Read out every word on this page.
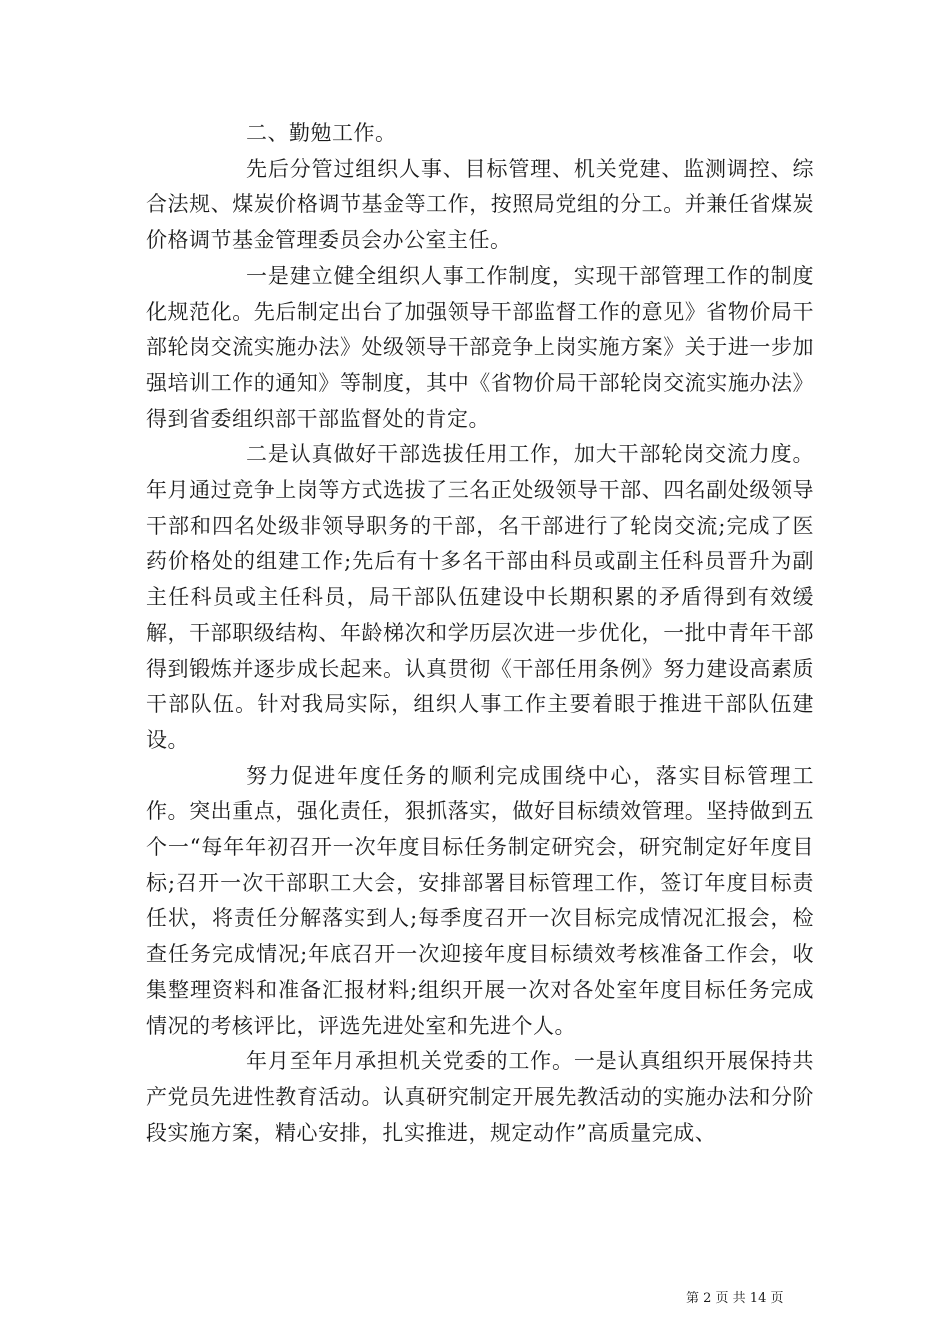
二、勤勉工作。

先后分管过组织人事、目标管理、机关党建、监测调控、综合法规、煤炭价格调节基金等工作，按照局党组的分工。并兼任省煤炭价格调节基金管理委员会办公室主任。

一是建立健全组织人事工作制度，实现干部管理工作的制度化规范化。先后制定出台了加强领导干部监督工作的意见》省物价局干部轮岗交流实施办法》处级领导干部竞争上岗实施方案》关于进一步加强培训工作的通知》等制度，其中《省物价局干部轮岗交流实施办法》得到省委组织部干部监督处的肯定。

二是认真做好干部选拔任用工作，加大干部轮岗交流力度。年月通过竞争上岗等方式选拔了三名正处级领导干部、四名副处级领导干部和四名处级非领导职务的干部，名干部进行了轮岗交流;完成了医药价格处的组建工作;先后有十多名干部由科员或副主任科员晋升为副主任科员或主任科员，局干部队伍建设中长期积累的矛盾得到有效缓解，干部职级结构、年龄梯次和学历层次进一步优化，一批中青年干部得到锻炼并逐步成长起来。认真贯彻《干部任用条例》努力建设高素质干部队伍。针对我局实际，组织人事工作主要着眼于推进干部队伍建设。

努力促进年度任务的顺利完成围绕中心，落实目标管理工作。突出重点，强化责任，狠抓落实，做好目标绩效管理。坚持做到五个一“每年年初召开一次年度目标任务制定研究会，研究制定好年度目标;召开一次干部职工大会，安排部署目标管理工作，签订年度目标责任状，将责任分解落实到人;每季度召开一次目标完成情况汇报会，检查任务完成情况;年底召开一次迎接年度目标绩效考核准备工作会，收集整理资料和准备汇报材料;组织开展一次对各处室年度目标任务完成情况的考核评比，评选先进处室和先进个人。

年月至年月承担机关党委的工作。一是认真组织开展保持共产党员先进性教育活动。认真研究制定开展先教活动的实施办法和分阶段实施方案，精心安排，扎实推进，规定动作”高质量完成、

第 2 页 共 14 页
